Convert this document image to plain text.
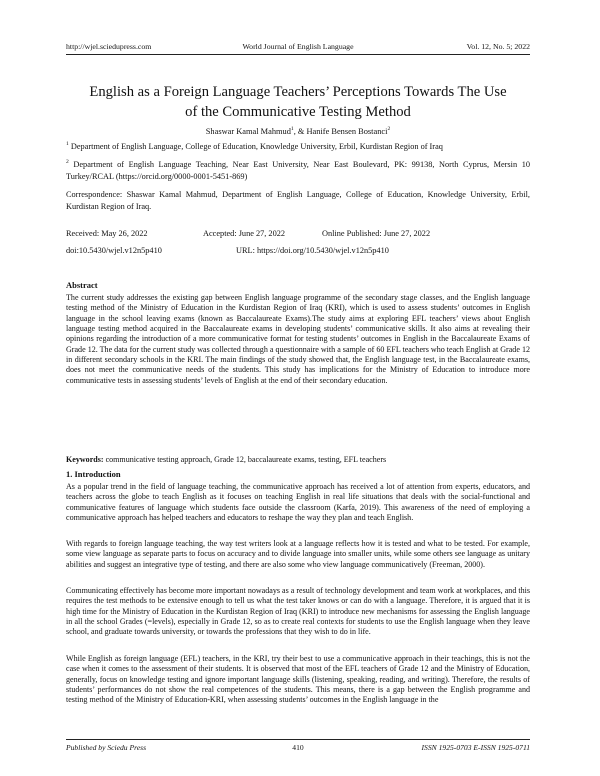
http://wjel.sciedupress.com	World Journal of English Language	Vol. 12, No. 5; 2022
English as a Foreign Language Teachers’ Perceptions Towards The Use
of the Communicative Testing Method
Shaswar Kamal Mahmud$^1$, & Hanife Bensen Bostanci$^2$
$^1$ Department of English Language, College of Education, Knowledge University, Erbil, Kurdistan Region of Iraq
$^2$ Department of English Language Teaching, Near East University, Near East Boulevard, PK: 99138, North Cyprus, Mersin 10 Turkey/RCAL (https://orcid.org/0000-0001-5451-869)
Correspondence: Shaswar Kamal Mahmud, Department of English Language, College of Education, Knowledge University, Erbil, Kurdistan Region of Iraq.
Received: May 26, 2022	Accepted: June 27, 2022	Online Published: June 27, 2022
doi:10.5430/wjel.v12n5p410	URL: https://doi.org/10.5430/wjel.v12n5p410
Abstract
The current study addresses the existing gap between English language programme of the secondary stage classes, and the English language testing method of the Ministry of Education in the Kurdistan Region of Iraq (KRI), which is used to assess students’ outcomes in English language in the school leaving exams (known as Baccalaureate Exams).The study aims at exploring EFL teachers’ views about English language testing method acquired in the Baccalaureate exams in developing students’ communicative skills. It also aims at revealing their opinions regarding the introduction of a more communicative format for testing students’ outcomes in English in the Baccalaureate Exams of Grade 12. The data for the current study was collected through a questionnaire with a sample of 60 EFL teachers who teach English at Grade 12 in different secondary schools in the KRI. The main findings of the study showed that, the English language test, in the Baccalaureate exams, does not meet the communicative needs of the students. This study has implications for the Ministry of Education to introduce more communicative tests in assessing students’ levels of English at the end of their secondary education.
Keywords: communicative testing approach, Grade 12, baccalaureate exams, testing, EFL teachers
1. Introduction
As a popular trend in the field of language teaching, the communicative approach has received a lot of attention from experts, educators, and teachers across the globe to teach English as it focuses on teaching English in real life situations that deals with the social-functional and communicative features of language which students face outside the classroom (Karfa, 2019). This awareness of the need of employing a communicative approach has helped teachers and educators to reshape the way they plan and teach English.
With regards to foreign language teaching, the way test writers look at a language reflects how it is tested and what to be tested. For example, some view language as separate parts to focus on accuracy and to divide language into smaller units, while some others see language as unitary abilities and suggest an integrative type of testing, and there are also some who view language communicatively (Freeman, 2000).
Communicating effectively has become more important nowadays as a result of technology development and team work at workplaces, and this requires the test methods to be extensive enough to tell us what the test taker knows or can do with a language. Therefore, it is argued that it is high time for the Ministry of Education in the Kurdistan Region of Iraq (KRI) to introduce new mechanisms for assessing the English language in all the school Grades (=levels), especially in Grade 12, so as to create real contexts for students to use the English language when they leave school, and graduate towards university, or towards the professions that they wish to do in life.
While English as foreign language (EFL) teachers, in the KRI, try their best to use a communicative approach in their teachings, this is not the case when it comes to the assessment of their students. It is observed that most of the EFL teachers of Grade 12 and the Ministry of Education, generally, focus on knowledge testing and ignore important language skills (listening, speaking, reading, and writing). Therefore, the results of students’ performances do not show the real competences of the students. This means, there is a gap between the English programme and testing method of the Ministry of Education-KRI, when assessing students’ outcomes in the English language in the
Published by Sciedu Press	410	ISSN 1925-0703 E-ISSN 1925-0711
